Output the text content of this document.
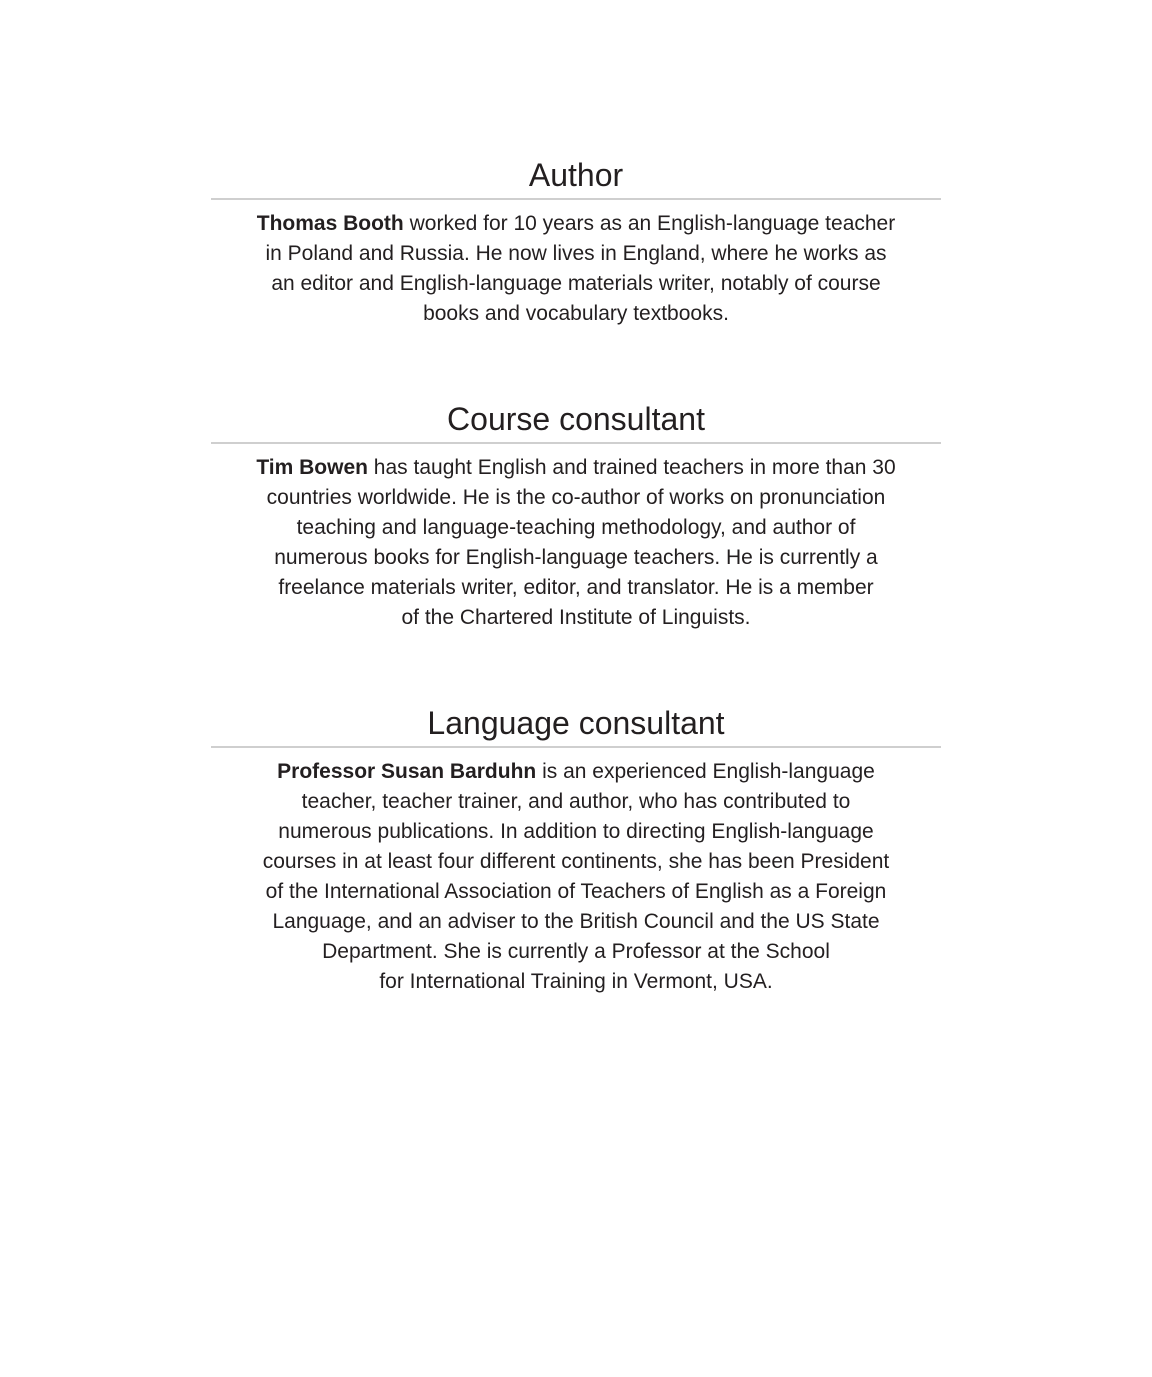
Author

Thomas Booth worked for 10 years as an English-language teacher
in Poland and Russia. He now lives in England, where he works as
an editor and English-language materials writer, notably of course
books and vocabulary textbooks.

Course consultant

Tim Bowen has taught English and trained teachers in more than 30
countries worldwide. He is the co-author of works on pronunciation
teaching and language-teaching methodology, and author of
numerous books for English-language teachers. He is currently a
freelance materials writer, editor, and translator. He is a member
of the Chartered Institute of Linguists.

Language consultant

Professor Susan Barduhn is an experienced English-language
teacher, teacher trainer, and author, who has contributed to
numerous publications. In addition to directing English-language
courses in at least four different continents, she has been President
of the International Association of Teachers of English as a Foreign
Language, and an adviser to the British Council and the US State
Department. She is currently a Professor at the School
for International Training in Vermont, USA.
